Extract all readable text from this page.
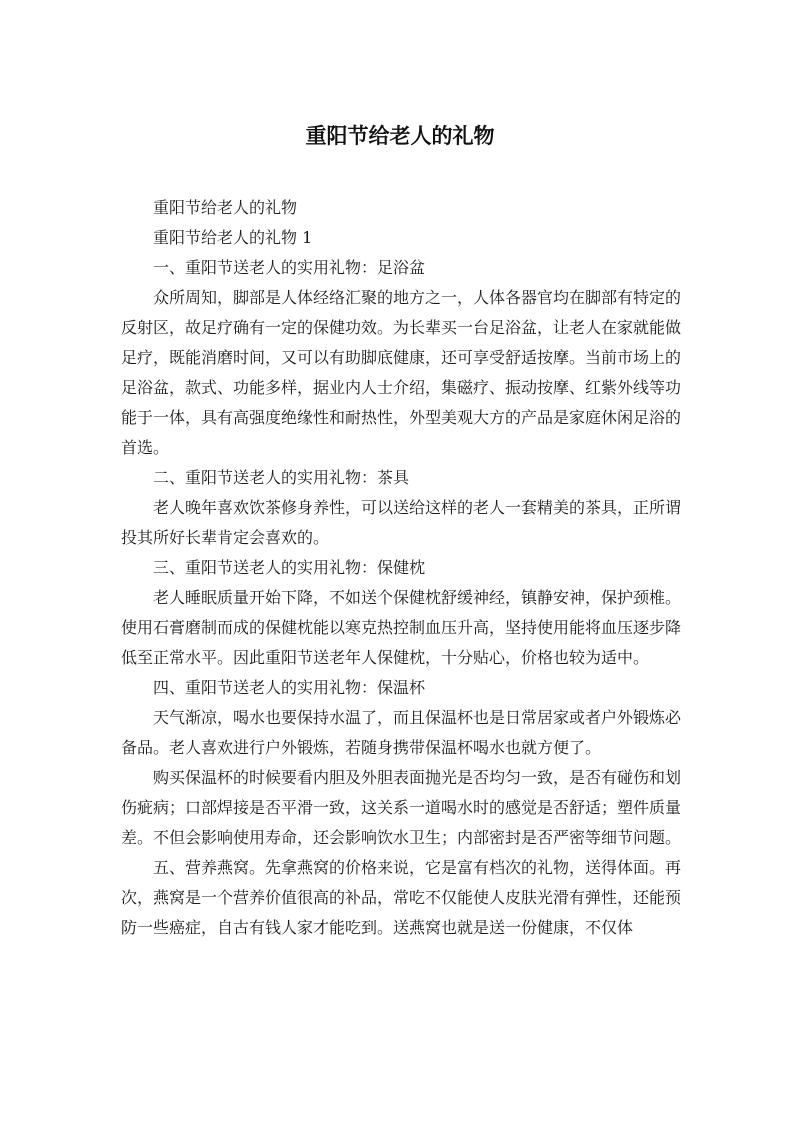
重阳节给老人的礼物

重阳节给老人的礼物

重阳节给老人的礼物 1

一、重阳节送老人的实用礼物：足浴盆

众所周知，脚部是人体经络汇聚的地方之一，人体各器官均在脚部有特定的反射区，故足疗确有一定的保健功效。为长辈买一台足浴盆，让老人在家就能做足疗，既能消磨时间，又可以有助脚底健康，还可享受舒适按摩。当前市场上的足浴盆，款式、功能多样，据业内人士介绍，集磁疗、振动按摩、红紫外线等功能于一体，具有高强度绝缘性和耐热性，外型美观大方的产品是家庭休闲足浴的首选。

二、重阳节送老人的实用礼物：茶具

老人晚年喜欢饮茶修身养性，可以送给这样的老人一套精美的茶具，正所谓投其所好长辈肯定会喜欢的。

三、重阳节送老人的实用礼物：保健枕

老人睡眠质量开始下降，不如送个保健枕舒缓神经，镇静安神，保护颈椎。使用石膏磨制而成的保健枕能以寒克热控制血压升高，坚持使用能将血压逐步降低至正常水平。因此重阳节送老年人保健枕，十分贴心，价格也较为适中。

四、重阳节送老人的实用礼物：保温杯

天气渐凉，喝水也要保持水温了，而且保温杯也是日常居家或者户外锻炼必备品。老人喜欢进行户外锻炼，若随身携带保温杯喝水也就方便了。

购买保温杯的时候要看内胆及外胆表面抛光是否均匀一致，是否有碰伤和划伤疵病；口部焊接是否平滑一致，这关系一道喝水时的感觉是否舒适；塑件质量差。不但会影响使用寿命，还会影响饮水卫生；内部密封是否严密等细节问题。

五、营养燕窝。先拿燕窝的价格来说，它是富有档次的礼物，送得体面。再次，燕窝是一个营养价值很高的补品，常吃不仅能使人皮肤光滑有弹性，还能预防一些癌症，自古有钱人家才能吃到。送燕窝也就是送一份健康，不仅体
